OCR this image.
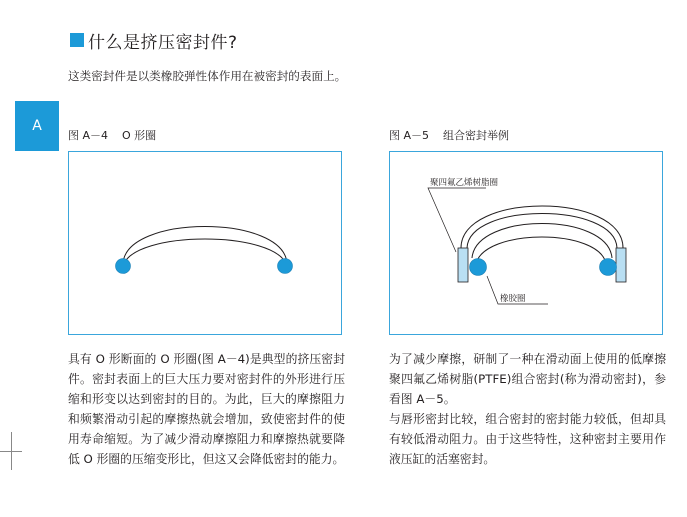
什么是挤压密封件?
这类密封件是以类橡胶弹性体作用在被密封的表面上。
A
图 A－4    O 形圈	图 A－5    组合密封举例
聚四氟乙烯树脂圈
橡胶圈
具有 O 形断面的 O 形圈(图 A－4)是典型的挤压密封件。密封表面上的巨大压力要对密封件的外形进行压缩和形变以达到密封的目的。为此，巨大的摩擦阻力和频繁滑动引起的摩擦热就会增加，致使密封件的使用寿命缩短。为了减少滑动摩擦阻力和摩擦热就要降低 O 形圈的压缩变形比，但这又会降低密封的能力。

为了减少摩擦，研制了一种在滑动面上使用的低摩擦聚四氟乙烯树脂(PTFE)组合密封(称为滑动密封)，参看图 A－5。

与唇形密封比较，组合密封的密封能力较低，但却具有较低滑动阻力。由于这些特性，这种密封主要用作液压缸的活塞密封。
